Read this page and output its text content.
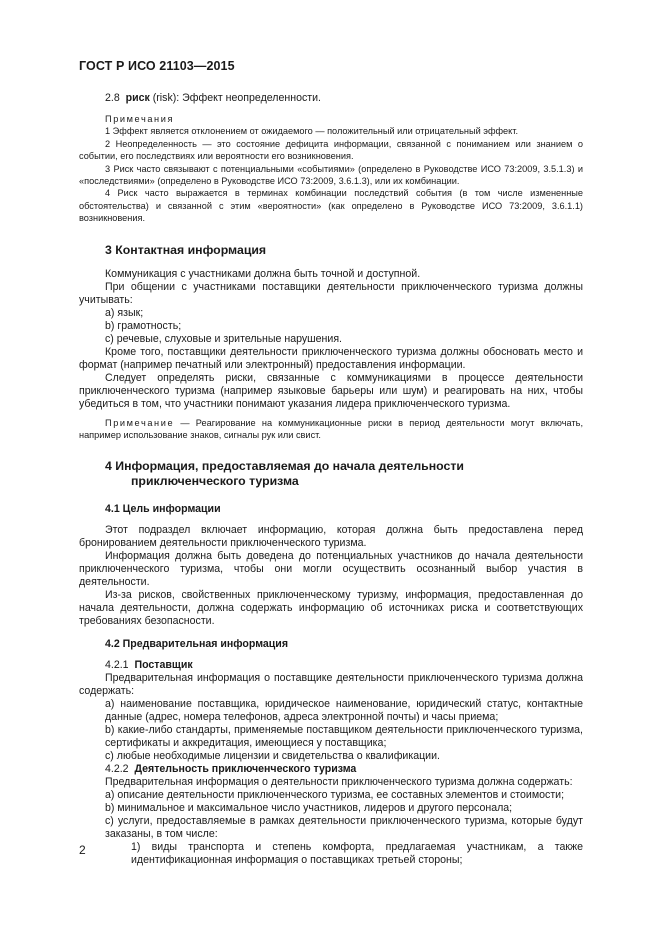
ГОСТ Р ИСО 21103—2015

2.8 риск (risk): Эффект неопределенности.

Примечания

1 Эффект является отклонением от ожидаемого — положительный или отрицательный эффект.

2 Неопределенность — это состояние дефицита информации, связанной с пониманием или знанием о событии, его последствиях или вероятности его возникновения.

3 Риск часто связывают с потенциальными «событиями» (определено в Руководстве ИСО 73:2009, 3.5.1.3) и «последствиями» (определено в Руководстве ИСО 73:2009, 3.6.1.3), или их комбинации.

4 Риск часто выражается в терминах комбинации последствий события (в том числе измененные обстоятельства) и связанной с этим «вероятности» (как определено в Руководстве ИСО 73:2009, 3.6.1.1) возникновения.

3 Контактная информация

Коммуникация с участниками должна быть точной и доступной.

При общении с участниками поставщики деятельности приключенческого туризма должны учитывать:

a) язык;

b) грамотность;

c) речевые, слуховые и зрительные нарушения.

Кроме того, поставщики деятельности приключенческого туризма должны обосновать место и формат (например печатный или электронный) предоставления информации.

Следует определять риски, связанные с коммуникациями в процессе деятельности приключенческого туризма (например языковые барьеры или шум) и реагировать на них, чтобы убедиться в том, что участники понимают указания лидера приключенческого туризма.

Примечание — Реагирование на коммуникационные риски в период деятельности могут включать, например использование знаков, сигналы рук или свист.

4 Информация, предоставляемая до начала деятельности

приключенческого туризма

4.1 Цель информации

Этот подраздел включает информацию, которая должна быть предоставлена перед бронированием деятельности приключенческого туризма.

Информация должна быть доведена до потенциальных участников до начала деятельности приключенческого туризма, чтобы они могли осуществить осознанный выбор участия в деятельности.

Из-за рисков, свойственных приключенческому туризму, информация, предоставленная до начала деятельности, должна содержать информацию об источниках риска и соответствующих требованиях безопасности.

4.2 Предварительная информация

4.2.1 Поставщик

Предварительная информация о поставщике деятельности приключенческого туризма должна содержать:

a) наименование поставщика, юридическое наименование, юридический статус, контактные данные (адрес, номера телефонов, адреса электронной почты) и часы приема;

b) какие-либо стандарты, применяемые поставщиком деятельности приключенческого туризма, сертификаты и аккредитация, имеющиеся у поставщика;

c) любые необходимые лицензии и свидетельства о квалификации.

4.2.2 Деятельность приключенческого туризма

Предварительная информация о деятельности приключенческого туризма должна содержать:

a) описание деятельности приключенческого туризма, ее составных элементов и стоимости;

b) минимальное и максимальное число участников, лидеров и другого персонала;

c) услуги, предоставляемые в рамках деятельности приключенческого туризма, которые будут заказаны, в том числе:

1) виды транспорта и степень комфорта, предлагаемая участникам, а также идентификационная информация о поставщиках третьей стороны;

2
